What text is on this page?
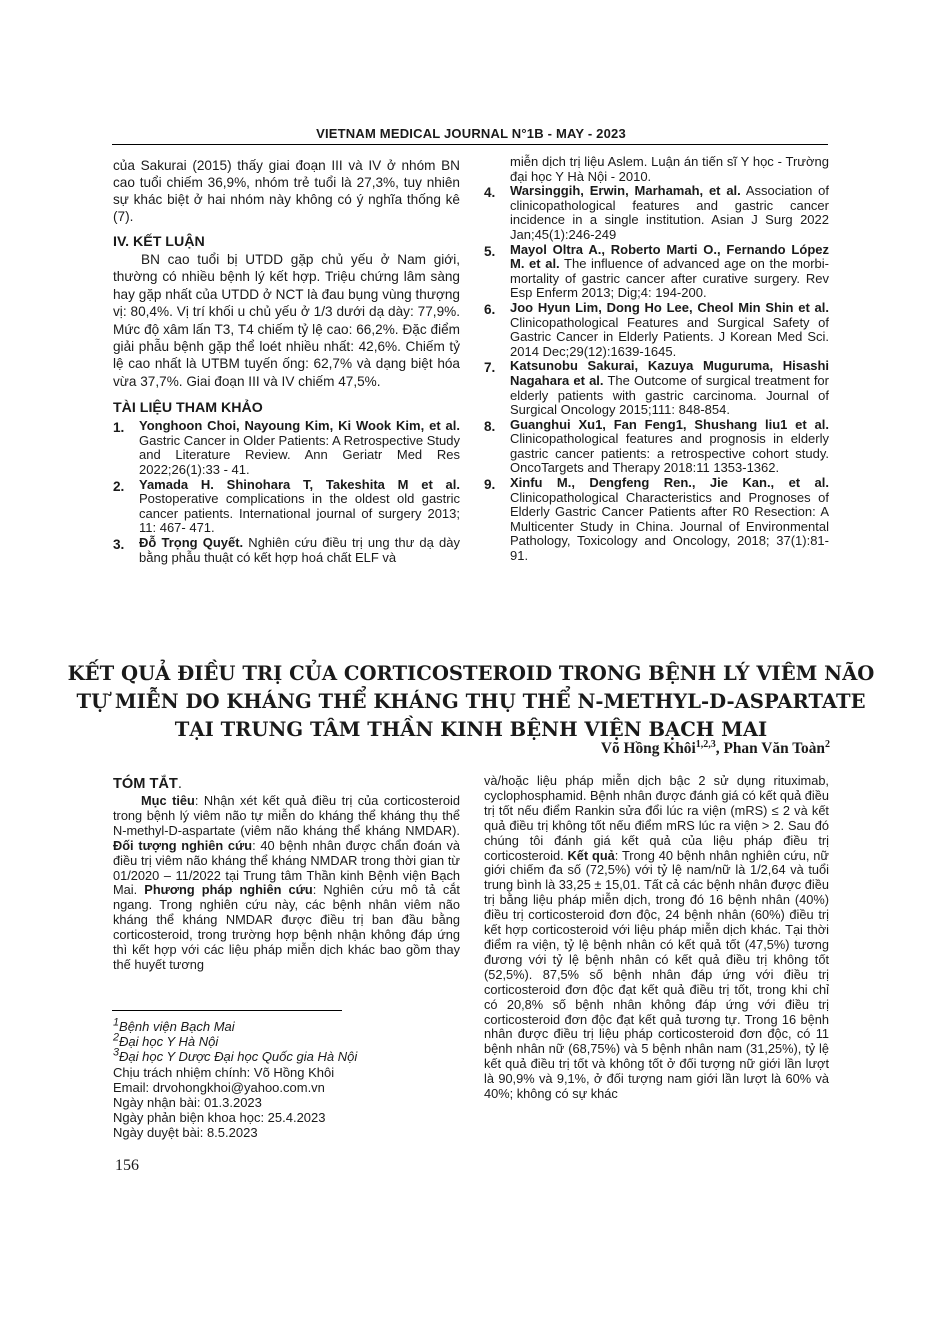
VIETNAM MEDICAL JOURNAL N°1B - MAY - 2023
của Sakurai (2015) thấy giai đoạn III và IV ở nhóm BN cao tuổi chiếm 36,9%, nhóm trẻ tuổi là 27,3%, tuy nhiên sự khác biệt ở hai nhóm này không có ý nghĩa thống kê (7).
IV. KẾT LUẬN
BN cao tuổi bị UTDD gặp chủ yếu ở Nam giới, thường có nhiều bệnh lý kết hợp. Triệu chứng lâm sàng hay gặp nhất của UTDD ở NCT là đau bụng vùng thượng vị: 80,4%. Vị trí khối u chủ yếu ở 1/3 dưới dạ dày: 77,9%. Mức độ xâm lấn T3, T4 chiếm tỷ lệ cao: 66,2%. Đặc điểm giải phẫu bệnh gặp thể loét nhiều nhất: 42,6%. Chiếm tỷ lệ cao nhất là UTBM tuyến ống: 62,7% và dạng biệt hóa vừa 37,7%. Giai đoạn III và IV chiếm 47,5%.
TÀI LIỆU THAM KHẢO
1.	Yonghoon Choi, Nayoung Kim, Ki Wook Kim, et al. Gastric Cancer in Older Patients: A Retrospective Study and Literature Review. Ann Geriatr Med Res 2022;26(1):33 - 41.
2.	Yamada H. Shinohara T, Takeshita M et al. Postoperative complications in the oldest old gastric cancer patients. International journal of surgery 2013; 11: 467- 471.
3.	Đỗ Trọng Quyết. Nghiên cứu điều trị ung thư dạ dày bằng phẫu thuật có kết hợp hoá chất ELF và
miễn dịch trị liệu Aslem. Luận án tiến sĩ Y học - Trường đại học Y Hà Nội - 2010.
4.	Warsinggih, Erwin, Marhamah, et al. Association of clinicopathological features and gastric cancer incidence in a single institution. Asian J Surg 2022 Jan;45(1):246-249
5.	Mayol Oltra A., Roberto Marti O., Fernando López M. et al. The influence of advanced age on the morbi-mortality of gastric cancer after curative surgery. Rev Esp Enferm 2013; Dig;4: 194-200.
6.	Joo Hyun Lim, Dong Ho Lee, Cheol Min Shin et al. Clinicopathological Features and Surgical Safety of Gastric Cancer in Elderly Patients. J Korean Med Sci. 2014 Dec;29(12):1639-1645.
7.	Katsunobu Sakurai, Kazuya Muguruma, Hisashi Nagahara et al. The Outcome of surgical treatment for elderly patients with gastric carcinoma. Journal of Surgical Oncology 2015;111: 848-854.
8.	Guanghui Xu1, Fan Feng1, Shushang liu1 et al. Clinicopathological features and prognosis in elderly gastric cancer patients: a retrospective cohort study. OncoTargets and Therapy 2018:11 1353-1362.
9.	Xinfu M., Dengfeng Ren., Jie Kan., et al. Clinicopathological Characteristics and Prognoses of Elderly Gastric Cancer Patients after R0 Resection: A Multicenter Study in China. Journal of Environmental Pathology, Toxicology and Oncology, 2018; 37(1):81-91.
KẾT QUẢ ĐIỀU TRỊ CỦA CORTICOSTEROID TRONG BỆNH LÝ VIÊM NÃO
TỰ MIỄN DO KHÁNG THỂ KHÁNG THỤ THỂ N-METHYL-D-ASPARTATE
TẠI TRUNG TÂM THẦN KINH BỆNH VIỆN BẠCH MAI
Võ Hồng Khôi$^{1,2,3}$, Phan Văn Toàn$^2$
TÓM TẮT.
Mục tiêu: Nhận xét kết quả điều trị của corticosteroid trong bệnh lý viêm não tự miễn do kháng thể kháng thụ thể N-methyl-D-aspartate (viêm não kháng thể kháng NMDAR). Đối tượng nghiên cứu: 40 bệnh nhân được chẩn đoán và điều trị viêm não kháng thể kháng NMDAR trong thời gian từ 01/2020 – 11/2022 tại Trung tâm Thần kinh Bệnh viện Bạch Mai. Phương pháp nghiên cứu: Nghiên cứu mô tả cắt ngang. Trong nghiên cứu này, các bệnh nhân viêm não kháng thể kháng NMDAR được điều trị ban đầu bằng corticosteroid, trong trường hợp bệnh nhận không đáp ứng thì kết hợp với các liệu pháp miễn dịch khác bao gồm thay thế huyết tương
$^1$Bệnh viện Bạch Mai
$^2$Đại học Y Hà Nội
$^3$Đại học Y Dược Đại học Quốc gia Hà Nội
Chịu trách nhiệm chính: Võ Hồng Khôi
Email: drvohongkhoi@yahoo.com.vn
Ngày nhận bài: 01.3.2023
Ngày phản biện khoa học: 25.4.2023
Ngày duyệt bài: 8.5.2023
và/hoặc liệu pháp miễn dịch bậc 2 sử dụng rituximab, cyclophosphamid. Bệnh nhân được đánh giá có kết quả điều trị tốt nếu điểm Rankin sửa đổi lúc ra viện (mRS) ≤ 2 và kết quả điều trị không tốt nếu điểm mRS lúc ra viện > 2. Sau đó chúng tôi đánh giá kết quả của liệu pháp điều trị corticosteroid. Kết quả: Trong 40 bệnh nhân nghiên cứu, nữ giới chiếm đa số (72,5%) với tỷ lệ nam/nữ là 1/2,64 và tuổi trung bình là 33,25 ± 15,01. Tất cả các bệnh nhân được điều trị bằng liệu pháp miễn dịch, trong đó 16 bệnh nhân (40%) điều trị corticosteroid đơn độc, 24 bệnh nhân (60%) điều trị kết hợp corticosteroid với liệu pháp miễn dịch khác. Tại thời điểm ra viện, tỷ lệ bệnh nhân có kết quả tốt (47,5%) tương đương với tỷ lệ bệnh nhân có kết quả điều trị không tốt (52,5%). 87,5% số bệnh nhân đáp ứng với điều trị corticosteroid đơn độc đạt kết quả điều trị tốt, trong khi chỉ có 20,8% số bệnh nhân không đáp ứng với điều trị corticosteroid đơn độc đạt kết quả tương tự. Trong 16 bệnh nhân được điều trị liệu pháp corticosteroid đơn độc, có 11 bệnh nhân nữ (68,75%) và 5 bệnh nhân nam (31,25%), tỷ lệ kết quả điều trị tốt và không tốt ở đối tượng nữ giới lần lượt là 90,9% và 9,1%, ở đối tượng nam giới lần lượt là 60% và 40%; không có sự khác
156
